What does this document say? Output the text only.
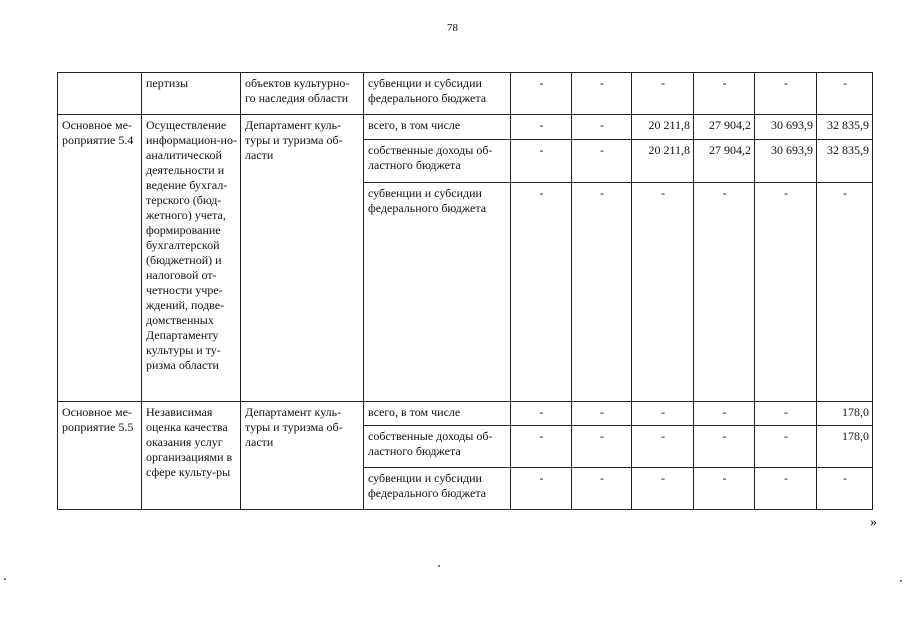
78
	пертизы	объектов культурно-го наследия области	субвенции и субсидии федерального бюджета	-	-	-	-	-	-
Основное ме-роприятие 5.4	Осуществление информацион-но-аналитической деятельности и ведение бухгал-терского (бюд-жетного) учета, формирование бухгалтерской (бюджетной) и налоговой от-четности учре-ждений, подве-домственных Департаменту культуры и ту-ризма области	Департамент куль-туры и туризма об-ласти	всего, в том числе	-	-	20 211,8	27 904,2	30 693,9	32 835,9
			собственные доходы об-ластного бюджета	-	-	20 211,8	27 904,2	30 693,9	32 835,9
			субвенции и субсидии федерального бюджета	-	-	-	-	-	-
Основное ме-роприятие 5.5	Независимая оценка качества оказания услуг организациями в сфере культу-ры	Департамент куль-туры и туризма об-ласти	всего, в том числе	-	-	-	-	-	178,0
			собственные доходы об-ластного бюджета	-	-	-	-	-	178,0
			субвенции и субсидии федерального бюджета	-	-	-	-	-	-
»
